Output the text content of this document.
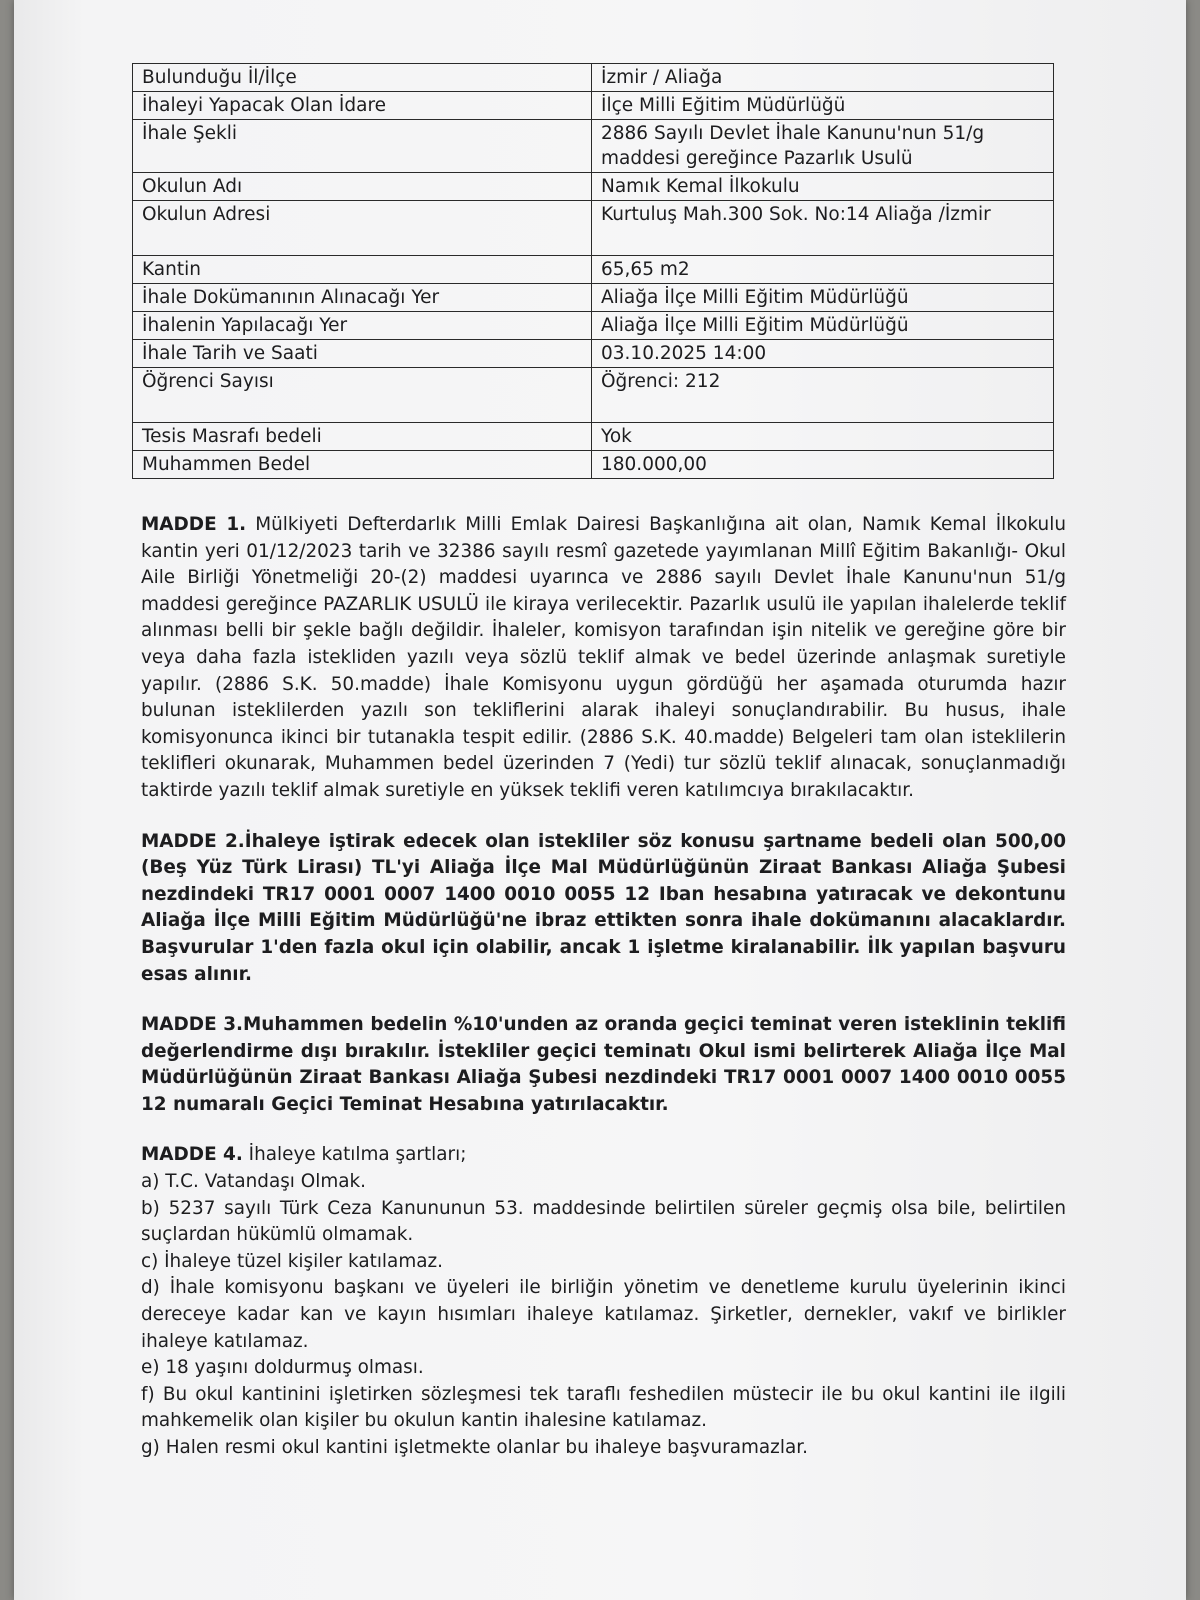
Bulunduğu İl/İlçe	İzmir / Aliağa
İhaleyi Yapacak Olan İdare	İlçe Milli Eğitim Müdürlüğü
İhale Şekli	2886 Sayılı Devlet İhale Kanunu'nun 51/g maddesi gereğince Pazarlık Usulü
Okulun Adı	Namık Kemal İlkokulu
Okulun Adresi	Kurtuluş Mah.300 Sok. No:14 Aliağa /İzmir
Kantin	65,65 m2
İhale Dokümanının Alınacağı Yer	Aliağa İlçe Milli Eğitim Müdürlüğü
İhalenin Yapılacağı Yer	Aliağa İlçe Milli Eğitim Müdürlüğü
İhale Tarih ve Saati	03.10.2025 14:00
Öğrenci Sayısı	Öğrenci: 212
Tesis Masrafı bedeli	Yok
Muhammen Bedel	180.000,00

MADDE 1. Mülkiyeti Defterdarlık Milli Emlak Dairesi Başkanlığına ait olan, Namık Kemal İlkokulu kantin yeri 01/12/2023 tarih ve 32386 sayılı resmî gazetede yayımlanan Millî Eğitim Bakanlığı- Okul Aile Birliği Yönetmeliği 20-(2) maddesi uyarınca ve 2886 sayılı Devlet İhale Kanunu'nun 51/g maddesi gereğince PAZARLIK USULÜ ile kiraya verilecektir. Pazarlık usulü ile yapılan ihalelerde teklif alınması belli bir şekle bağlı değildir. İhaleler, komisyon tarafından işin nitelik ve gereğine göre bir veya daha fazla istekliden yazılı veya sözlü teklif almak ve bedel üzerinde anlaşmak suretiyle yapılır. (2886 S.K. 50.madde) İhale Komisyonu uygun gördüğü her aşamada oturumda hazır bulunan isteklilerden yazılı son tekliflerini alarak ihaleyi sonuçlandırabilir. Bu husus, ihale komisyonunca ikinci bir tutanakla tespit edilir. (2886 S.K. 40.madde) Belgeleri tam olan isteklilerin teklifleri okunarak, Muhammen bedel üzerinden 7 (Yedi) tur sözlü teklif alınacak, sonuçlanmadığı taktirde yazılı teklif almak suretiyle en yüksek teklifi veren katılımcıya bırakılacaktır.

MADDE 2.İhaleye iştirak edecek olan istekliler söz konusu şartname bedeli olan 500,00 (Beş Yüz Türk Lirası) TL'yi Aliağa İlçe Mal Müdürlüğünün Ziraat Bankası Aliağa Şubesi nezdindeki TR17 0001 0007 1400 0010 0055 12 Iban hesabına yatıracak ve dekontunu Aliağa İlçe Milli Eğitim Müdürlüğü'ne ibraz ettikten sonra ihale dokümanını alacaklardır. Başvurular 1'den fazla okul için olabilir, ancak 1 işletme kiralanabilir. İlk yapılan başvuru esas alınır.

MADDE 3.Muhammen bedelin %10'unden az oranda geçici teminat veren isteklinin teklifi değerlendirme dışı bırakılır. İstekliler geçici teminatı Okul ismi belirterek Aliağa İlçe Mal Müdürlüğünün Ziraat Bankası Aliağa Şubesi nezdindeki TR17 0001 0007 1400 0010 0055 12 numaralı Geçici Teminat Hesabına yatırılacaktır.

MADDE 4. İhaleye katılma şartları;

a) T.C. Vatandaşı Olmak.

b) 5237 sayılı Türk Ceza Kanununun 53. maddesinde belirtilen süreler geçmiş olsa bile, belirtilen suçlardan hükümlü olmamak.

c) İhaleye tüzel kişiler katılamaz.

d) İhale komisyonu başkanı ve üyeleri ile birliğin yönetim ve denetleme kurulu üyelerinin ikinci dereceye kadar kan ve kayın hısımları ihaleye katılamaz. Şirketler, dernekler, vakıf ve birlikler ihaleye katılamaz.

e) 18 yaşını doldurmuş olması.

f) Bu okul kantinini işletirken sözleşmesi tek taraflı feshedilen müstecir ile bu okul kantini ile ilgili mahkemelik olan kişiler bu okulun kantin ihalesine katılamaz.

g) Halen resmi okul kantini işletmekte olanlar bu ihaleye başvuramazlar.
